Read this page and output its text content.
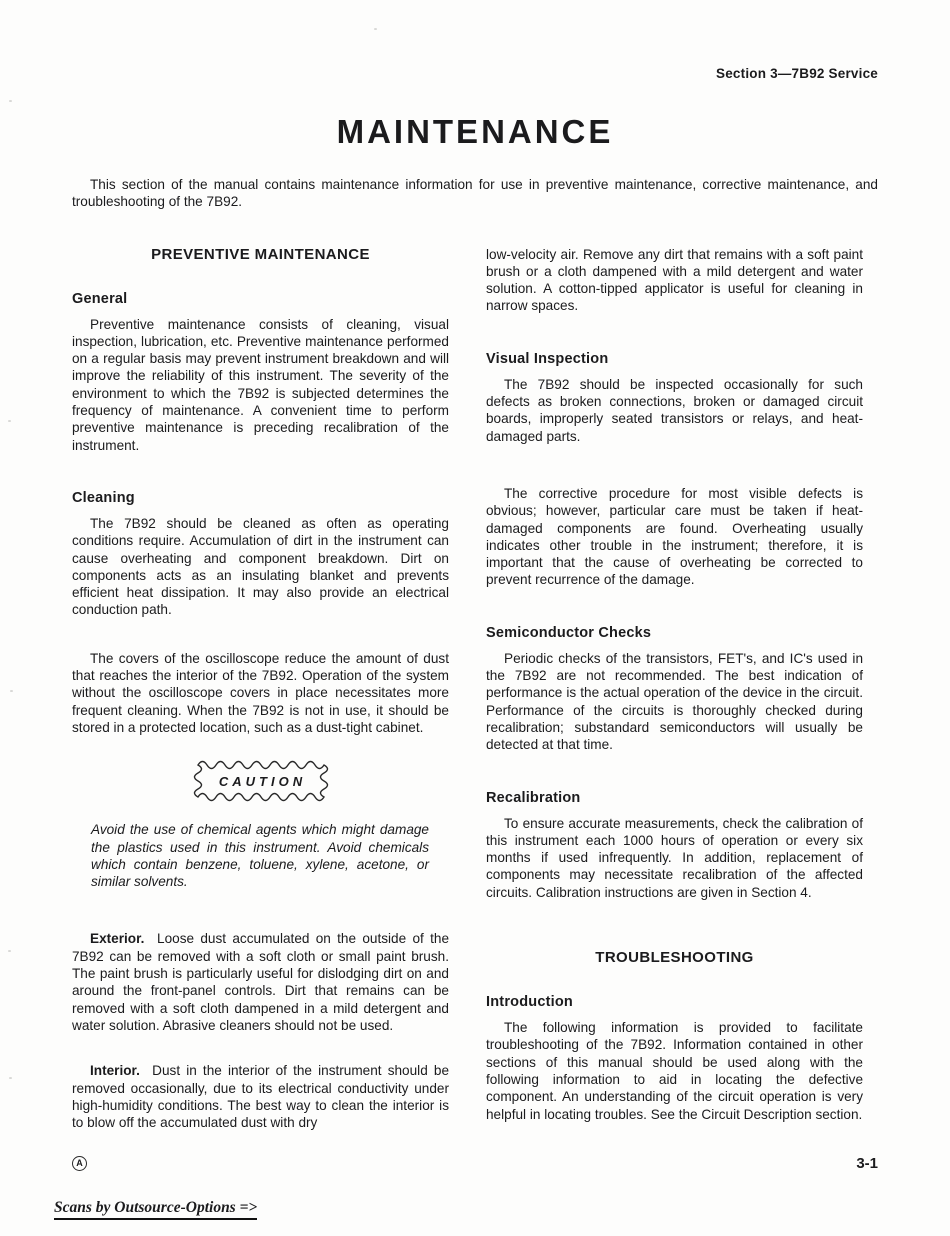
Section 3—7B92 Service
MAINTENANCE

This section of the manual contains maintenance information for use in preventive maintenance, corrective maintenance, and troubleshooting of the 7B92.

PREVENTIVE MAINTENANCE
General

Preventive maintenance consists of cleaning, visual inspection, lubrication, etc. Preventive maintenance performed on a regular basis may prevent instrument breakdown and will improve the reliability of this instrument. The severity of the environment to which the 7B92 is subjected determines the frequency of maintenance. A convenient time to perform preventive maintenance is preceding recalibration of the instrument.

Cleaning

The 7B92 should be cleaned as often as operating conditions require. Accumulation of dirt in the instrument can cause overheating and component breakdown. Dirt on components acts as an insulating blanket and prevents efficient heat dissipation. It may also provide an electrical conduction path.

The covers of the oscilloscope reduce the amount of dust that reaches the interior of the 7B92. Operation of the system without the oscilloscope covers in place necessitates more frequent cleaning. When the 7B92 is not in use, it should be stored in a protected location, such as a dust-tight cabinet.

CAUTION

Avoid the use of chemical agents which might damage the plastics used in this instrument. Avoid chemicals which contain benzene, toluene, xylene, acetone, or similar solvents.

Exterior. Loose dust accumulated on the outside of the 7B92 can be removed with a soft cloth or small paint brush. The paint brush is particularly useful for dislodging dirt on and around the front-panel controls. Dirt that remains can be removed with a soft cloth dampened in a mild detergent and water solution. Abrasive cleaners should not be used.

Interior. Dust in the interior of the instrument should be removed occasionally, due to its electrical conductivity under high-humidity conditions. The best way to clean the interior is to blow off the accumulated dust with dry

low-velocity air. Remove any dirt that remains with a soft paint brush or a cloth dampened with a mild detergent and water solution. A cotton-tipped applicator is useful for cleaning in narrow spaces.

Visual Inspection

The 7B92 should be inspected occasionally for such defects as broken connections, broken or damaged circuit boards, improperly seated transistors or relays, and heat-damaged parts.

The corrective procedure for most visible defects is obvious; however, particular care must be taken if heat-damaged components are found. Overheating usually indicates other trouble in the instrument; therefore, it is important that the cause of overheating be corrected to prevent recurrence of the damage.

Semiconductor Checks

Periodic checks of the transistors, FET's, and IC's used in the 7B92 are not recommended. The best indication of performance is the actual operation of the device in the circuit. Performance of the circuits is thoroughly checked during recalibration; substandard semiconductors will usually be detected at that time.

Recalibration

To ensure accurate measurements, check the calibration of this instrument each 1000 hours of operation or every six months if used infrequently. In addition, replacement of components may necessitate recalibration of the affected circuits. Calibration instructions are given in Section 4.

TROUBLESHOOTING
Introduction

The following information is provided to facilitate troubleshooting of the 7B92. Information contained in other sections of this manual should be used along with the following information to aid in locating the defective component. An understanding of the circuit operation is very helpful in locating troubles. See the Circuit Description section.

A	3-1
Scans by Outsource-Options =>
